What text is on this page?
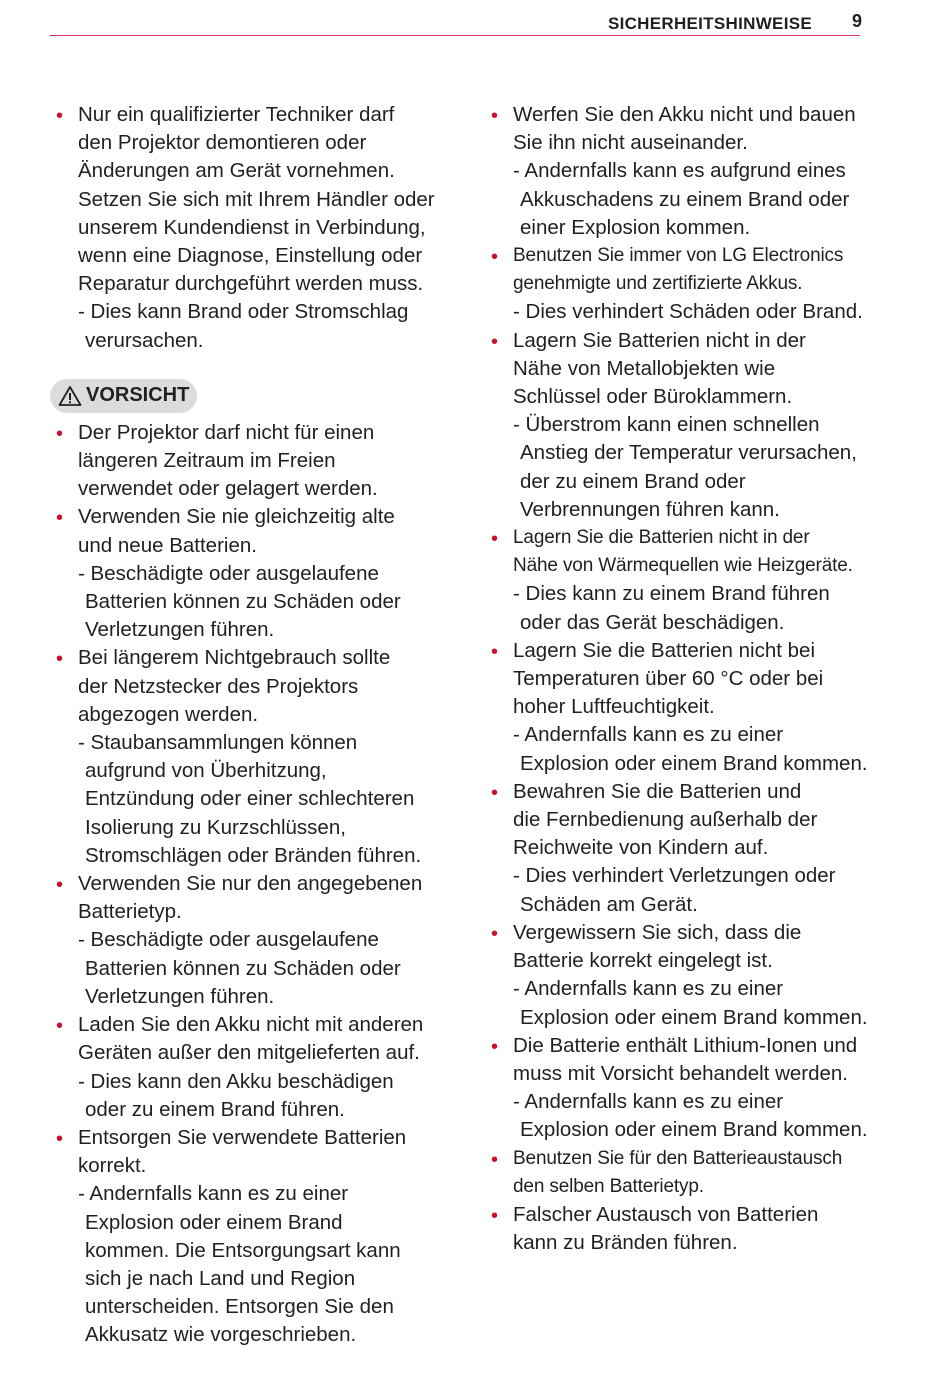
SICHERHEITSHINWEISE 9
• Nur ein qualifizierter Techniker darf
den Projektor demontieren oder
Änderungen am Gerät vornehmen.
Setzen Sie sich mit Ihrem Händler oder
unserem Kundendienst in Verbindung,
wenn eine Diagnose, Einstellung oder
Reparatur durchgeführt werden muss.
- Dies kann Brand oder Stromschlag
verursachen.
VORSICHT
• Der Projektor darf nicht für einen
längeren Zeitraum im Freien
verwendet oder gelagert werden.
• Verwenden Sie nie gleichzeitig alte
und neue Batterien.
- Beschädigte oder ausgelaufene
Batterien können zu Schäden oder
Verletzungen führen.
• Bei längerem Nichtgebrauch sollte
der Netzstecker des Projektors
abgezogen werden.
- Staubansammlungen können
aufgrund von Überhitzung,
Entzündung oder einer schlechteren
Isolierung zu Kurzschlüssen,
Stromschlägen oder Bränden führen.
• Verwenden Sie nur den angegebenen
Batterietyp.
- Beschädigte oder ausgelaufene
Batterien können zu Schäden oder
Verletzungen führen.
• Laden Sie den Akku nicht mit anderen
Geräten außer den mitgelieferten auf.
- Dies kann den Akku beschädigen
oder zu einem Brand führen.
• Entsorgen Sie verwendete Batterien
korrekt.
- Andernfalls kann es zu einer
Explosion oder einem Brand
kommen. Die Entsorgungsart kann
sich je nach Land und Region
unterscheiden. Entsorgen Sie den
Akkusatz wie vorgeschrieben.
• Werfen Sie den Akku nicht und bauen
Sie ihn nicht auseinander.
- Andernfalls kann es aufgrund eines
Akkuschadens zu einem Brand oder
einer Explosion kommen.
• Benutzen Sie immer von LG Electronics
genehmigte und zertifizierte Akkus.
- Dies verhindert Schäden oder Brand.
• Lagern Sie Batterien nicht in der
Nähe von Metallobjekten wie
Schlüssel oder Büroklammern.
- Überstrom kann einen schnellen
Anstieg der Temperatur verursachen,
der zu einem Brand oder
Verbrennungen führen kann.
• Lagern Sie die Batterien nicht in der
Nähe von Wärmequellen wie Heizgeräte.
- Dies kann zu einem Brand führen
oder das Gerät beschädigen.
• Lagern Sie die Batterien nicht bei
Temperaturen über 60 °C oder bei
hoher Luftfeuchtigkeit.
- Andernfalls kann es zu einer
Explosion oder einem Brand kommen.
• Bewahren Sie die Batterien und
die Fernbedienung außerhalb der
Reichweite von Kindern auf.
- Dies verhindert Verletzungen oder
Schäden am Gerät.
• Vergewissern Sie sich, dass die
Batterie korrekt eingelegt ist.
- Andernfalls kann es zu einer
Explosion oder einem Brand kommen.
• Die Batterie enthält Lithium-Ionen und
muss mit Vorsicht behandelt werden.
- Andernfalls kann es zu einer
Explosion oder einem Brand kommen.
• Benutzen Sie für den Batterieaustausch
den selben Batterietyp.
• Falscher Austausch von Batterien
kann zu Bränden führen.
